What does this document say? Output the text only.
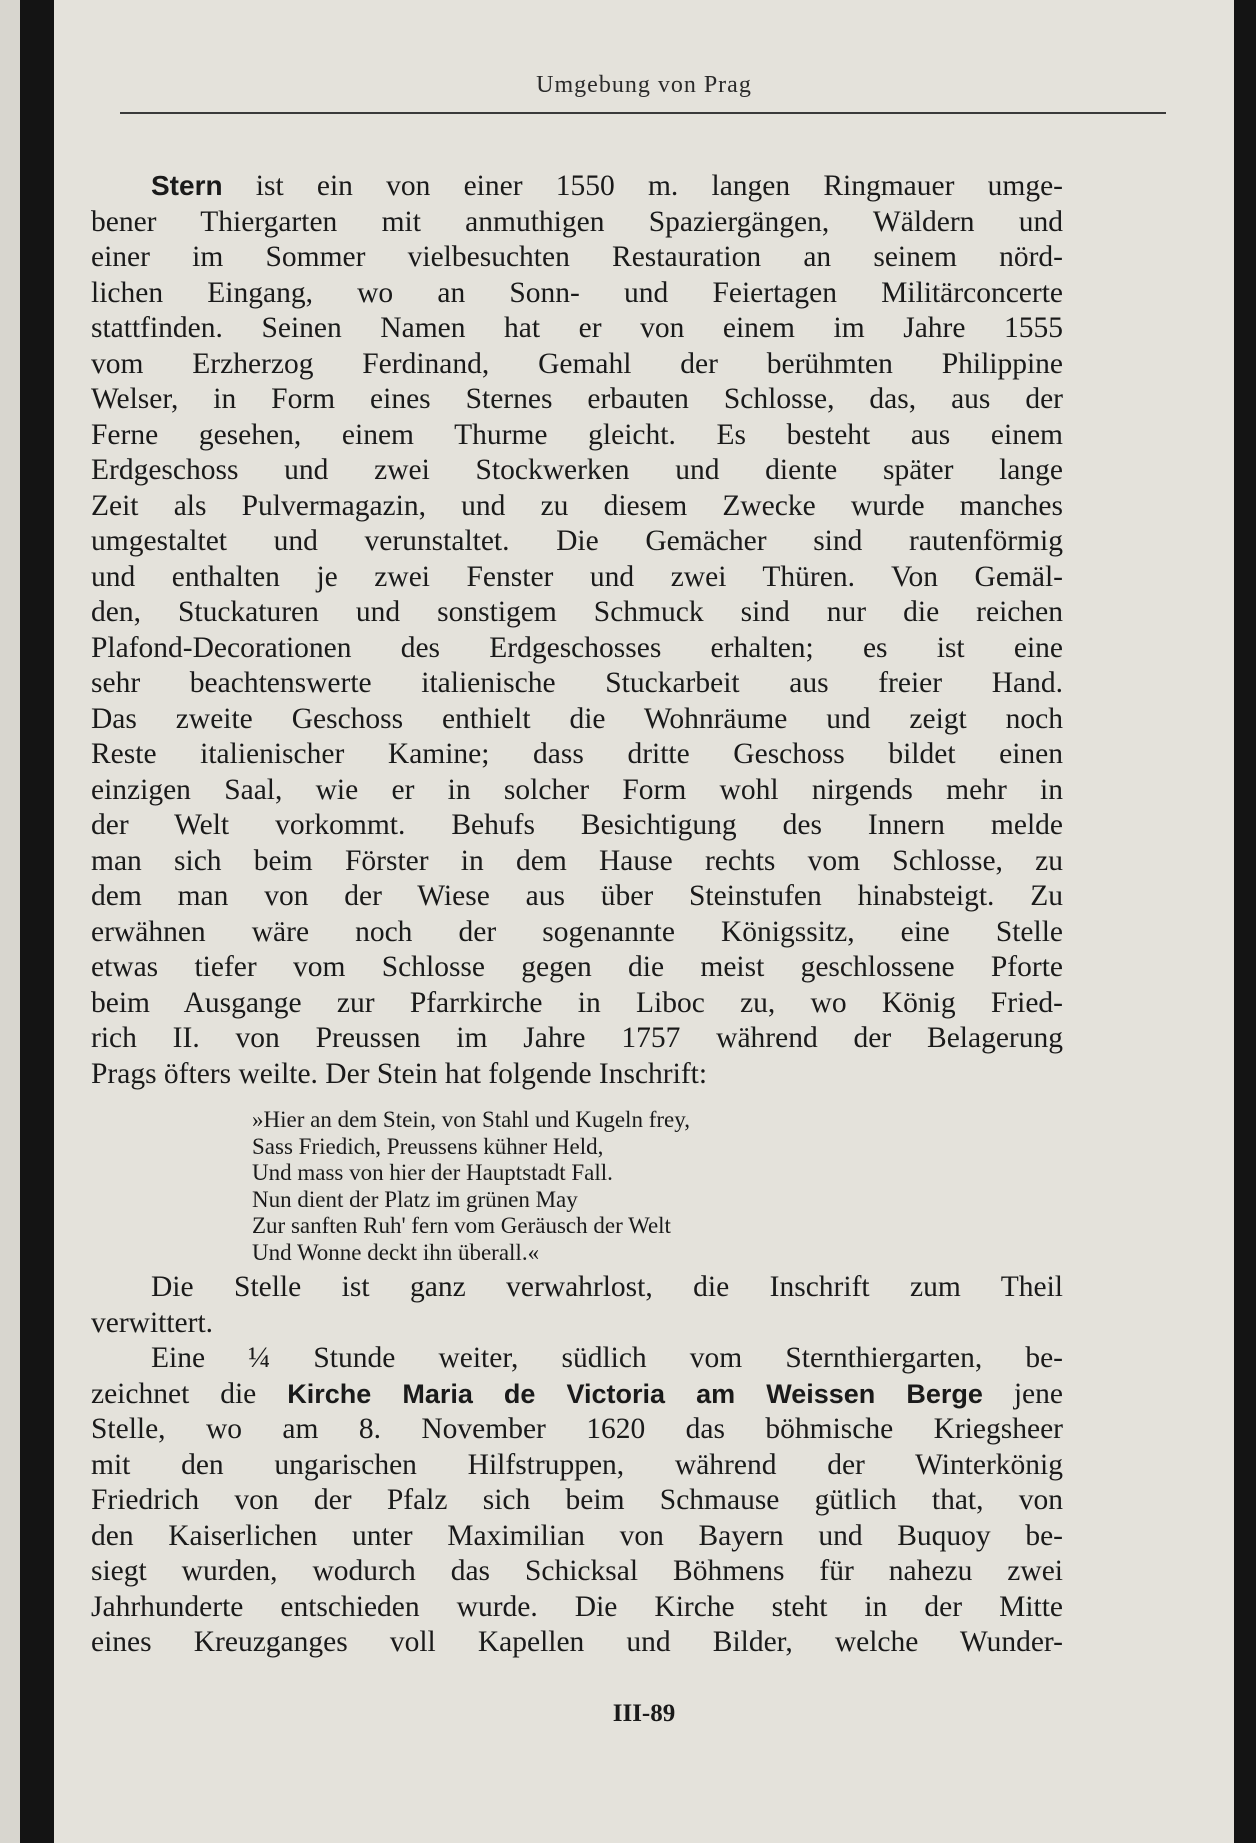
Umgebung von Prag
Stern ist ein von einer 1550 m. langen Ringmauer umge-
bener Thiergarten mit anmuthigen Spaziergängen, Wäldern und
einer im Sommer vielbesuchten Restauration an seinem nörd-
lichen Eingang, wo an Sonn- und Feiertagen Militärconcerte
stattfinden. Seinen Namen hat er von einem im Jahre 1555
vom Erzherzog Ferdinand, Gemahl der berühmten Philippine
Welser, in Form eines Sternes erbauten Schlosse, das, aus der
Ferne gesehen, einem Thurme gleicht. Es besteht aus einem
Erdgeschoss und zwei Stockwerken und diente später lange
Zeit als Pulvermagazin, und zu diesem Zwecke wurde manches
umgestaltet und verunstaltet. Die Gemächer sind rautenförmig
und enthalten je zwei Fenster und zwei Thüren. Von Gemäl-
den, Stuckaturen und sonstigem Schmuck sind nur die reichen
Plafond-Decorationen des Erdgeschosses erhalten; es ist eine
sehr beachtenswerte italienische Stuckarbeit aus freier Hand.
Das zweite Geschoss enthielt die Wohnräume und zeigt noch
Reste italienischer Kamine; dass dritte Geschoss bildet einen
einzigen Saal, wie er in solcher Form wohl nirgends mehr in
der Welt vorkommt. Behufs Besichtigung des Innern melde
man sich beim Förster in dem Hause rechts vom Schlosse, zu
dem man von der Wiese aus über Steinstufen hinabsteigt. Zu
erwähnen wäre noch der sogenannte Königssitz, eine Stelle
etwas tiefer vom Schlosse gegen die meist geschlossene Pforte
beim Ausgange zur Pfarrkirche in Liboc zu, wo König Fried-
rich II. von Preussen im Jahre 1757 während der Belagerung
Prags öfters weilte. Der Stein hat folgende Inschrift:
»Hier an dem Stein, von Stahl und Kugeln frey,
Sass Friedich, Preussens kühner Held,
Und mass von hier der Hauptstadt Fall.
Nun dient der Platz im grünen May
Zur sanften Ruh' fern vom Geräusch der Welt
Und Wonne deckt ihn überall.«
Die Stelle ist ganz verwahrlost, die Inschrift zum Theil
verwittert.
Eine ¼ Stunde weiter, südlich vom Sternthiergarten, be-
zeichnet die Kirche Maria de Victoria am Weissen Berge jene
Stelle, wo am 8. November 1620 das böhmische Kriegsheer
mit den ungarischen Hilfstruppen, während der Winterkönig
Friedrich von der Pfalz sich beim Schmause gütlich that, von
den Kaiserlichen unter Maximilian von Bayern und Buquoy be-
siegt wurden, wodurch das Schicksal Böhmens für nahezu zwei
Jahrhunderte entschieden wurde. Die Kirche steht in der Mitte
eines Kreuzganges voll Kapellen und Bilder, welche Wunder-
III-89
